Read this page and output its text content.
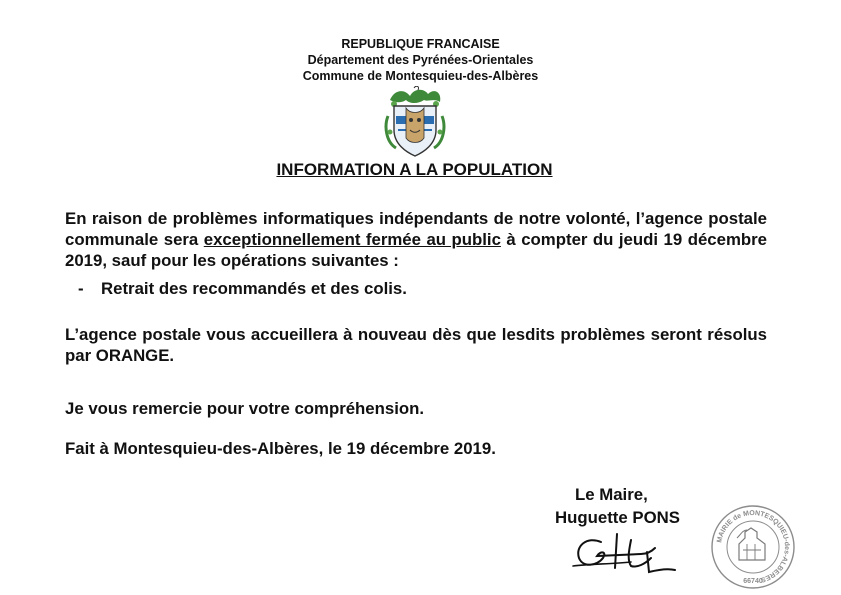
REPUBLIQUE FRANCAISE
Département des Pyrénées-Orientales
Commune de Montesquieu-des-Albères
INFORMATION A LA POPULATION
En raison de problèmes informatiques indépendants de notre volonté, l’agence postale communale sera exceptionnellement fermée au public à compter du jeudi 19 décembre 2019, sauf pour les opérations suivantes :
- Retrait des recommandés et des colis.
L’agence postale vous accueillera à nouveau dès que lesdits problèmes seront résolus par ORANGE.
Je vous remercie pour votre compréhension.
Fait à Montesquieu-des-Albères, le 19 décembre 2019.
Le Maire,
Huguette PONS
MAIRIE de MONTESQUIEU-des-ALBERES
66740
